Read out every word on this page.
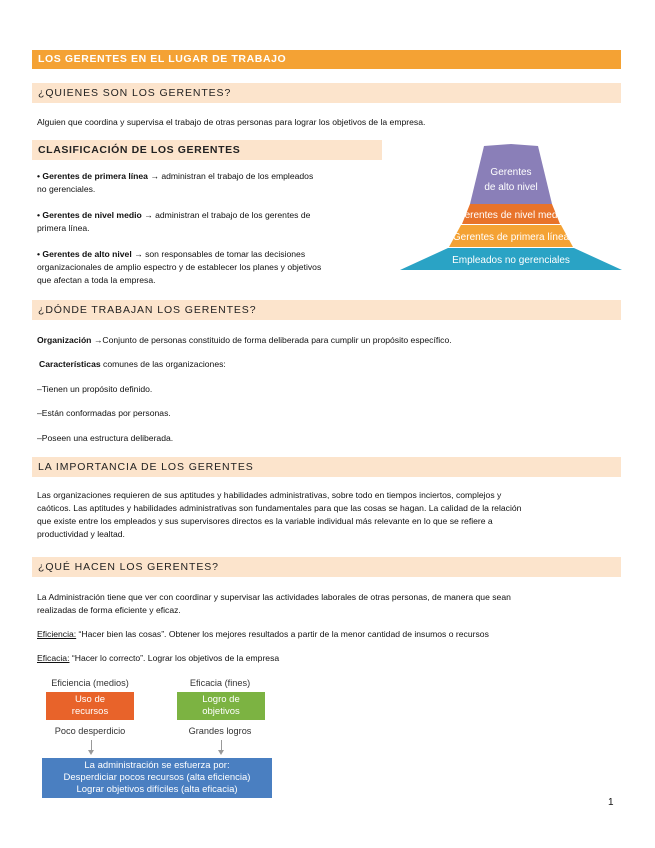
LOS GERENTES EN EL LUGAR DE TRABAJO
¿QUIENES SON LOS GERENTES?
Alguien que coordina y supervisa el trabajo de otras personas para lograr los objetivos de la empresa.
CLASIFICACIÓN DE LOS GERENTES
• Gerentes de primera línea → administran el trabajo de los empleados
no gerenciales.
• Gerentes de nivel medio → administran el trabajo de los gerentes de
primera línea.
• Gerentes de alto nivel → son responsables de tomar las decisiones
organizacionales de amplio espectro y de establecer los planes y objetivos
que afectan a toda la empresa.
Gerentes
de alto nivel
Gerentes de nivel medio
Gerentes de primera línea
Empleados no gerenciales
¿DÓNDE TRABAJAN LOS GERENTES?
Organización →Conjunto de personas constituido de forma deliberada para cumplir un propósito específico.
Características comunes de las organizaciones:
–Tienen un propósito definido.
–Están conformadas por personas.
–Poseen una estructura deliberada.
LA IMPORTANCIA DE LOS GERENTES
Las organizaciones requieren de sus aptitudes y habilidades administrativas, sobre todo en tiempos inciertos, complejos y
caóticos. Las aptitudes y habilidades administrativas son fundamentales para que las cosas se hagan. La calidad de la relación
que existe entre los empleados y sus supervisores directos es la variable individual más relevante en lo que se refiere a
productividad y lealtad.
¿QUÉ HACEN LOS GERENTES?
La Administración tiene que ver con coordinar y supervisar las actividades laborales de otras personas, de manera que sean
realizadas de forma eficiente y eficaz.
Eficiencia: “Hacer bien las cosas”. Obtener los mejores resultados a partir de la menor cantidad de insumos o recursos
Eficacia: “Hacer lo correcto”. Lograr los objetivos de la empresa
Eficiencia (medios)	Eficacia (fines)
Uso de
recursos
Logro de
objetivos
Poco desperdicio	Grandes logros
La administración se esfuerza por:
Desperdiciar pocos recursos (alta eficiencia)
Lograr objetivos difíciles (alta eficacia)
1
